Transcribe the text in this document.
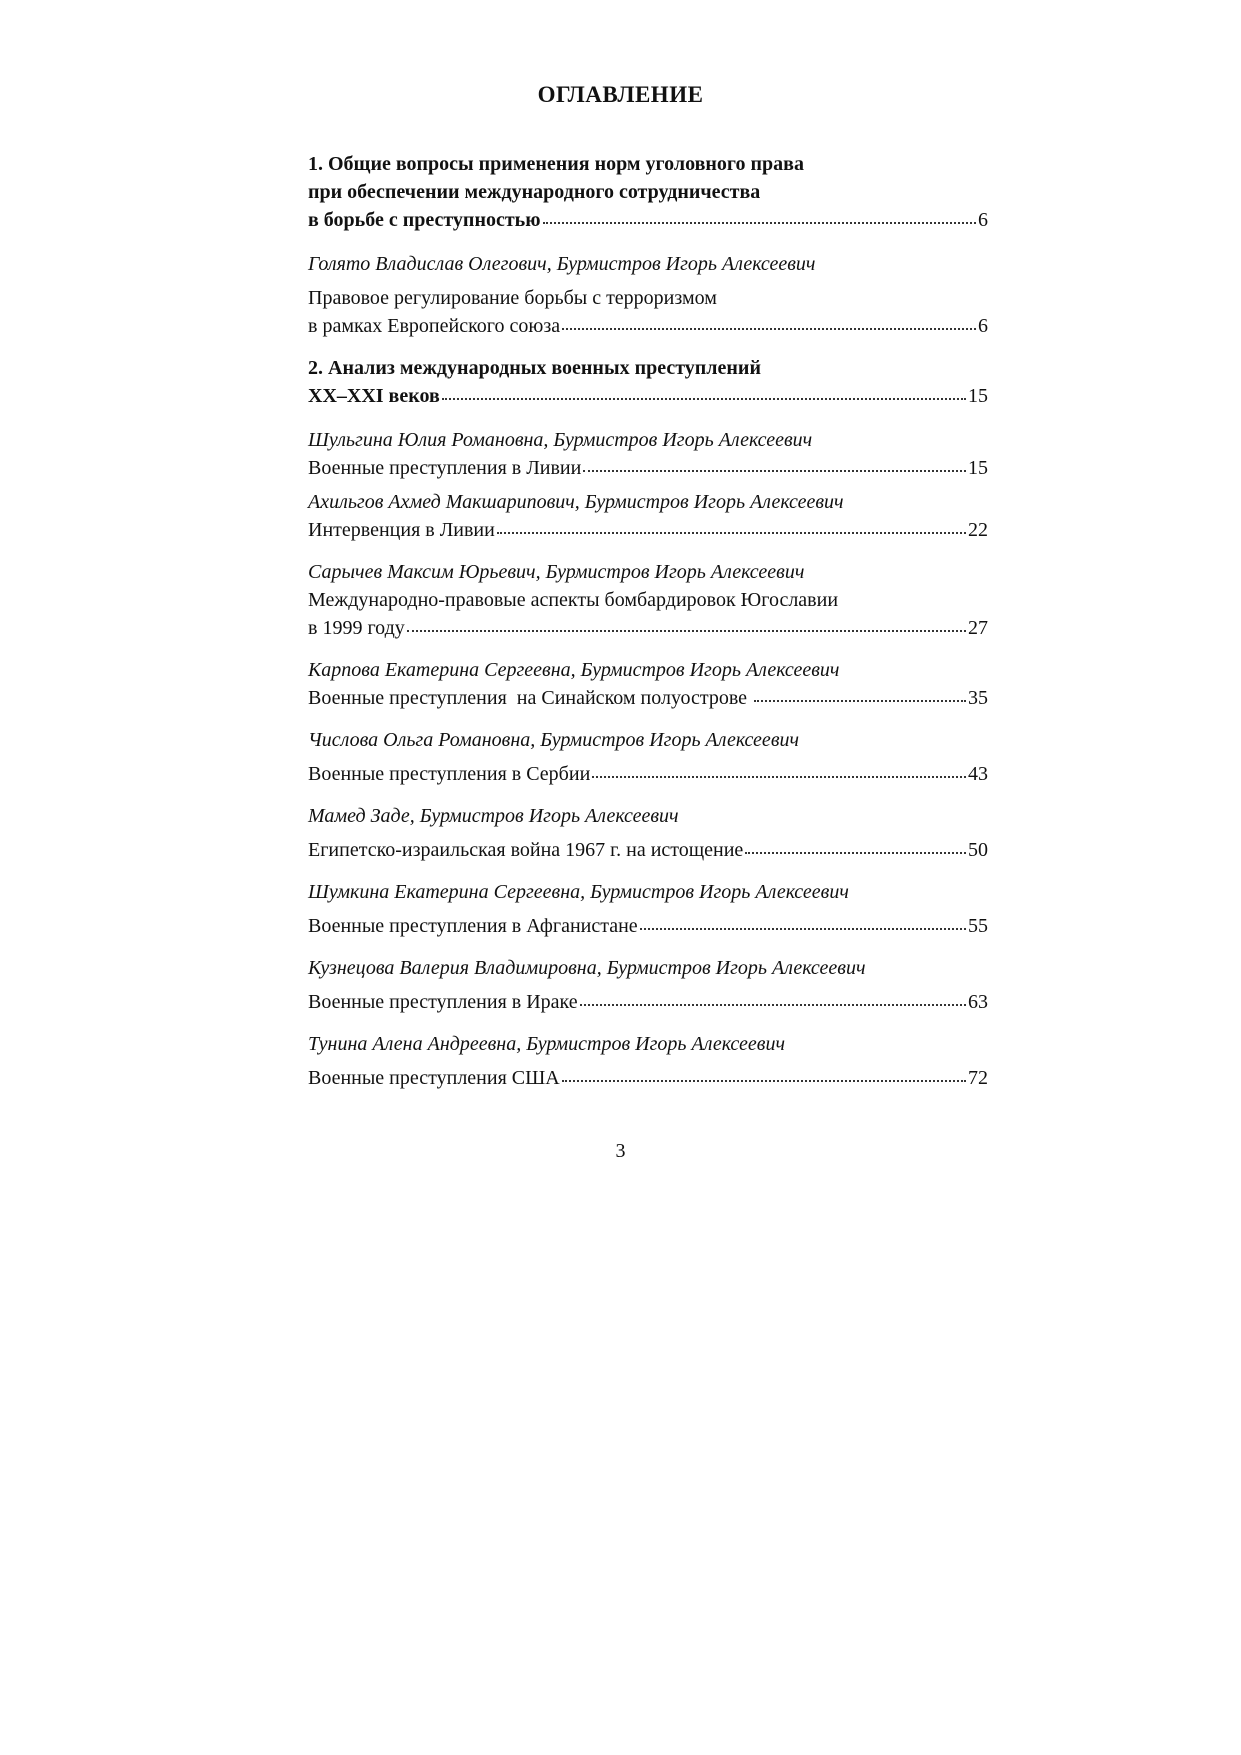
ОГЛАВЛЕНИЕ
1. Общие вопросы применения норм уголовного права
при обеспечении международного сотрудничества
в борьбе с преступностью	6
Голято Владислав Олегович, Бурмистров Игорь Алексеевич
Правовое регулирование борьбы с терроризмом
в рамках Европейского союза	6
2. Анализ международных военных преступлений
XX–XXI веков	15
Шульгина Юлия Романовна, Бурмистров Игорь Алексеевич
Военные преступления в Ливии	15
Ахильгов Ахмед Макшарипович, Бурмистров Игорь Алексеевич
Интервенция в Ливии	22
Сарычев Максим Юрьевич, Бурмистров Игорь Алексеевич
Международно-правовые аспекты бомбардировок Югославии
в 1999 году	27
Карпова Екатерина Сергеевна, Бурмистров Игорь Алексеевич
Военные преступления  на Синайском полуострове	35
Числова Ольга Романовна, Бурмистров Игорь Алексеевич
Военные преступления в Сербии	43
Мамед Заде, Бурмистров Игорь Алексеевич
Египетско-израильская война 1967 г. на истощение	50
Шумкина Екатерина Сергеевна, Бурмистров Игорь Алексеевич
Военные преступления в Афганистане	55
Кузнецова Валерия Владимировна, Бурмистров Игорь Алексеевич
Военные преступления в Ираке	63
Тунина Алена Андреевна, Бурмистров Игорь Алексеевич
Военные преступления США	72
3
